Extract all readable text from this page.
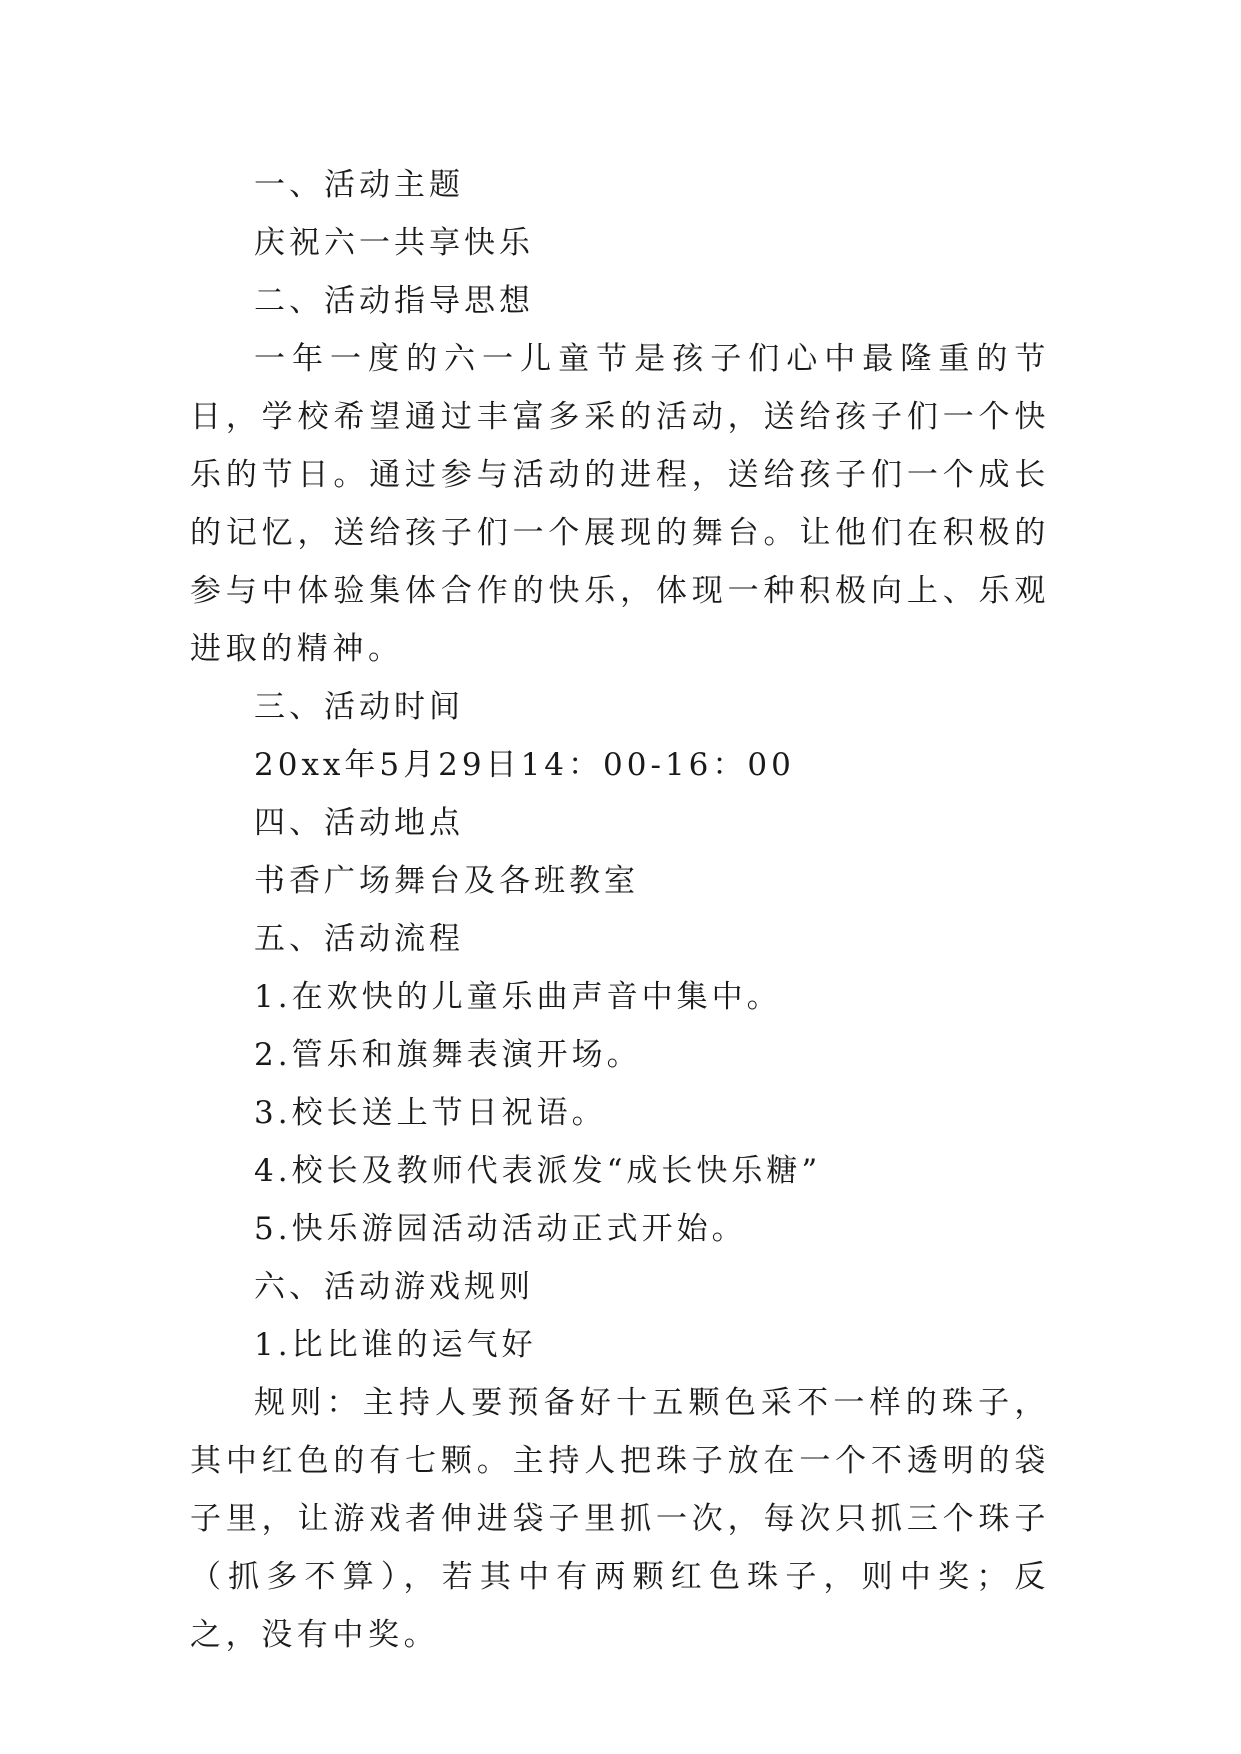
一、活动主题

庆祝六一共享快乐

二、活动指导思想

一年一度的六一儿童节是孩子们心中最隆重的节日，学校希望通过丰富多采的活动，送给孩子们一个快乐的节日。通过参与活动的进程，送给孩子们一个成长的记忆，送给孩子们一个展现的舞台。让他们在积极的参与中体验集体合作的快乐，体现一种积极向上、乐观进取的精神。

三、活动时间

20xx年5月29日14：00-16：00

四、活动地点

书香广场舞台及各班教室

五、活动流程

1.在欢快的儿童乐曲声音中集中。

2.管乐和旗舞表演开场。

3.校长送上节日祝语。

4.校长及教师代表派发“成长快乐糖”

5.快乐游园活动活动正式开始。

六、活动游戏规则

1.比比谁的运气好

规则：主持人要预备好十五颗色采不一样的珠子，其中红色的有七颗。主持人把珠子放在一个不透明的袋子里，让游戏者伸进袋子里抓一次，每次只抓三个珠子（抓多不算），若其中有两颗红色珠子，则中奖；反之，没有中奖。
